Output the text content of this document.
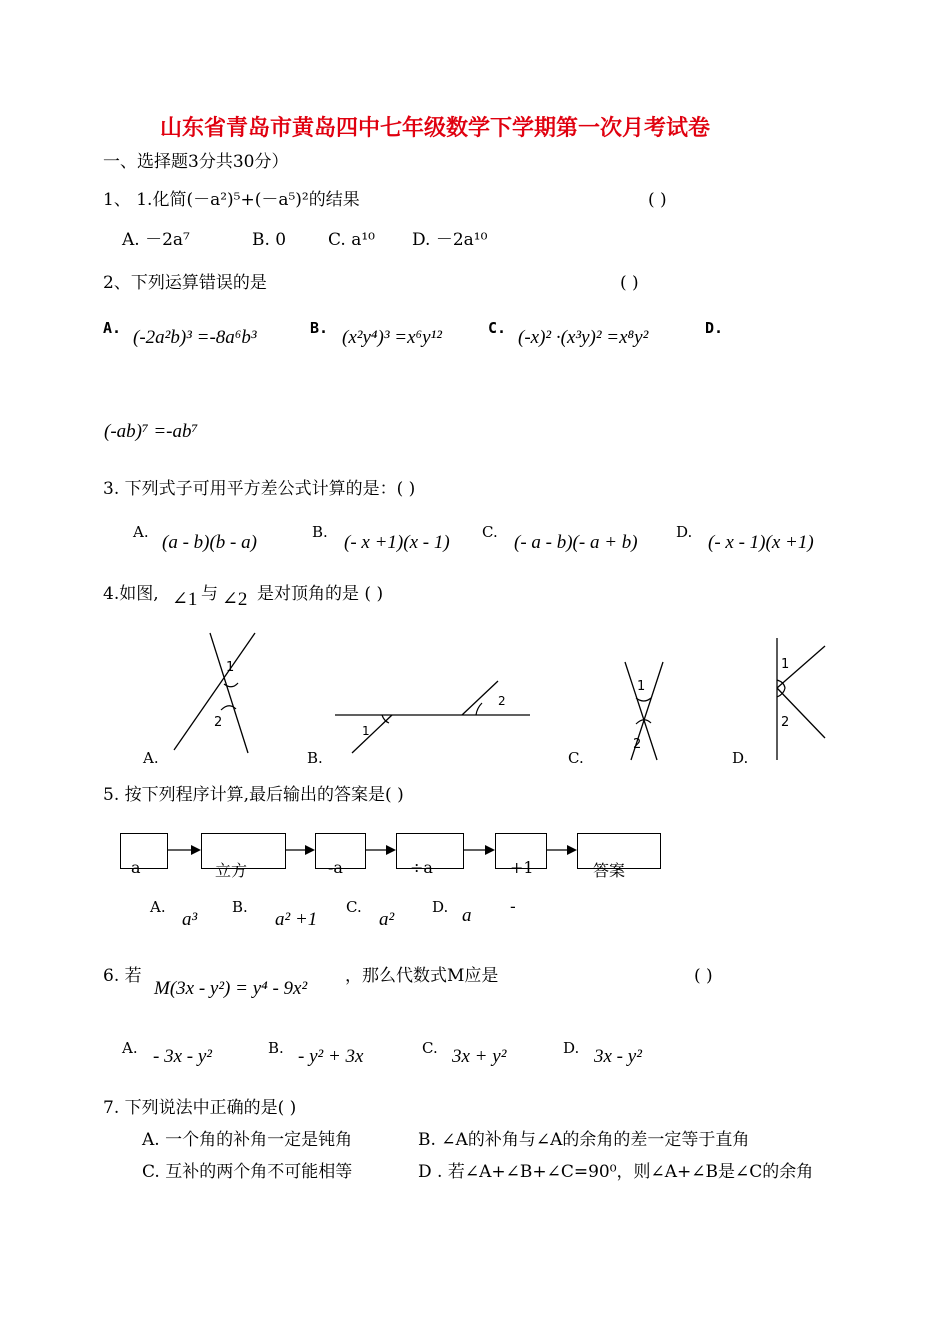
山东省青岛市黄岛四中七年级数学下学期第一次月考试卷
一、选择题3分共30分）
1、 1.化简(－a²)⁵+(－a⁵)²的结果	( )
A. －2a⁷	B. 0 C. a¹⁰ D. －2a¹⁰
2、下列运算错误的是	( )
A. (-2a²b)³ =-8a⁶b³	B. (x²y⁴)³ =x⁶y¹²	C. (-x)² ·(x³y)² =x⁸y²	D.
(-ab)⁷ =-ab⁷
3. 下列式子可用平方差公式计算的是：( )
A. (a - b)(b - a)	B. (- x +1)(x - 1) C. (- a - b)(- a + b)	D. (- x - 1)(x +1)
4.如图, ∠1 与 ∠2 是对顶角的是 ( )
1
2
A.
1
2
B.
1
2
C.
1
2
D.
5. 按下列程序计算,最后输出的答案是( )
a	立方	-a	÷a	+1	答案
A.
a³
B.
a² +1
C.
a²
D. a -
6. 若
M(3x - y²) = y⁴ - 9x²
，那么代数式M应是	( )
A. - 3x - y²	B. - y² + 3x	C. 3x + y²	D. 3x - y²
7. 下列说法中正确的是( )
A. 一个角的补角一定是钝角	B. ∠A的补角与∠A的余角的差一定等于直角
C. 互补的两个角不可能相等	D . 若∠A+∠B+∠C=90⁰，则∠A+∠B是∠C的余角
